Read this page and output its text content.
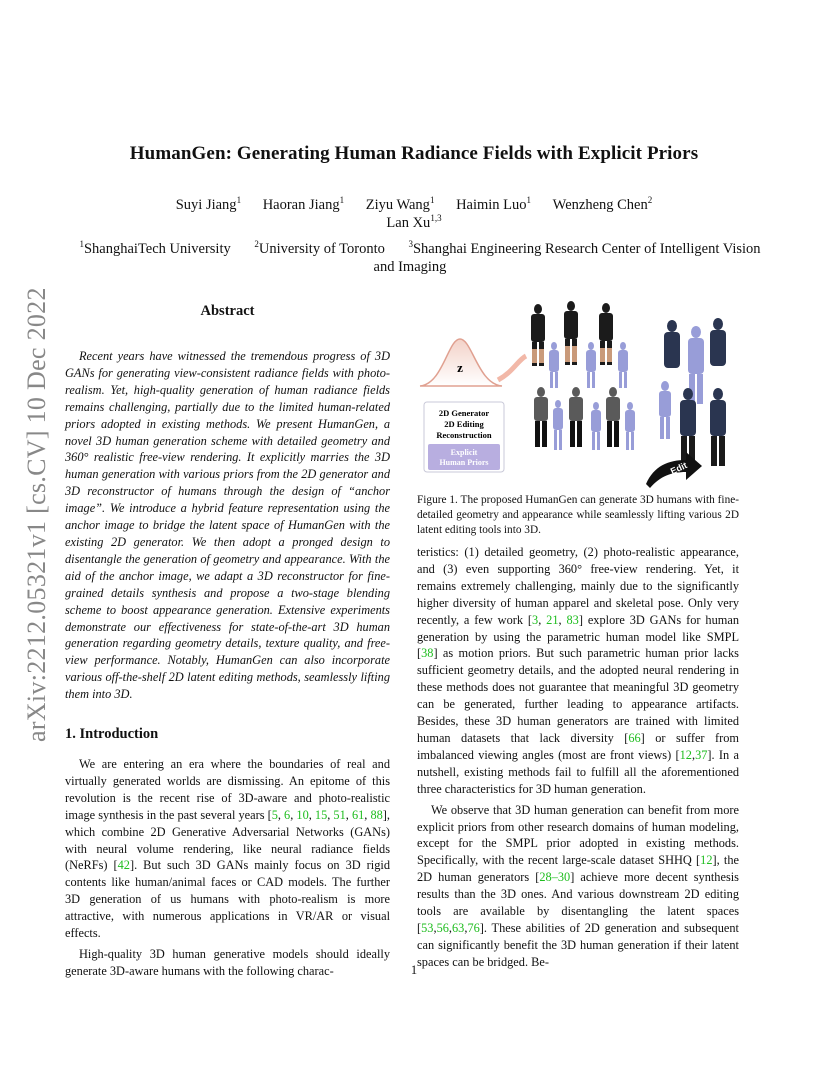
arXiv:2212.05321v1 [cs.CV] 10 Dec 2022
HumanGen: Generating Human Radiance Fields with Explicit Priors
Suyi Jiang$^1$ Haoran Jiang$^1$ Ziyu Wang$^1$ Haimin Luo$^1$ Wenzheng Chen$^2$
Lan Xu$^{1,3}$
$^1$ShanghaiTech University	$^2$University of Toronto	$^3$Shanghai Engineering Research Center of Intelligent Vision and Imaging
Abstract
Recent years have witnessed the tremendous progress of 3D GANs for generating view-consistent radiance fields with photo-realism. Yet, high-quality generation of human radiance fields remains challenging, partially due to the limited human-related priors adopted in existing methods. We present HumanGen, a novel 3D human generation scheme with detailed geometry and 360° realistic free-view rendering. It explicitly marries the 3D human generation with various priors from the 2D generator and 3D reconstructor of humans through the design of “anchor image”. We introduce a hybrid feature representation using the anchor image to bridge the latent space of HumanGen with the existing 2D generator. We then adopt a pronged design to disentangle the generation of geometry and appearance. With the aid of the anchor image, we adapt a 3D reconstructor for fine-grained details synthesis and propose a two-stage blending scheme to boost appearance generation. Extensive experiments demonstrate our effectiveness for state-of-the-art 3D human generation regarding geometry details, texture quality, and free-view performance. Notably, HumanGen can also incorporate various off-the-shelf 2D latent editing methods, seamlessly lifting them into 3D.
1. Introduction

We are entering an era where the boundaries of real and virtually generated worlds are dismissing. An epitome of this revolution is the recent rise of 3D-aware and photo-realistic image synthesis in the past several years [5, 6, 10, 15, 51, 61, 88], which combine 2D Generative Adversarial Networks (GANs) with neural volume rendering, like neural radiance fields (NeRFs) [42]. But such 3D GANs mainly focus on 3D rigid contents like human/animal faces or CAD models. The further 3D generation of us humans with photo-realism is more attractive, with numerous applications in VR/AR or visual effects.

High-quality 3D human generative models should ideally generate 3D-aware humans with the following charac-

z
2D Generator
2D Editing
Reconstruction
Explicit
Human Priors	Edit
Figure 1. The proposed HumanGen can generate 3D humans with fine-detailed geometry and appearance while seamlessly lifting various 2D latent editing tools into 3D.

teristics: (1) detailed geometry, (2) photo-realistic appearance, and (3) even supporting 360° free-view rendering. Yet, it remains extremely challenging, mainly due to the significantly higher diversity of human apparel and skeletal pose. Only very recently, a few work [3, 21, 83] explore 3D GANs for human generation by using the parametric human model like SMPL [38] as motion priors. But such parametric human prior lacks sufficient geometry details, and the adopted neural rendering in these methods does not guarantee that meaningful 3D geometry can be generated, further leading to appearance artifacts. Besides, these 3D human generators are trained with limited human datasets that lack diversity [66] or suffer from imbalanced viewing angles (most are front views) [12,37]. In a nutshell, existing methods fail to fulfill all the aforementioned three characteristics for 3D human generation.

We observe that 3D human generation can benefit from more explicit priors from other research domains of human modeling, except for the SMPL prior adopted in existing methods. Specifically, with the recent large-scale dataset SHHQ [12], the 2D human generators [28–30] achieve more decent synthesis results than the 3D ones. And various downstream 2D editing tools are available by disentangling the latent spaces [53,56,63,76]. These abilities of 2D generation and subsequent can significantly benefit the 3D human generation if their latent spaces can be bridged. Be-

1
